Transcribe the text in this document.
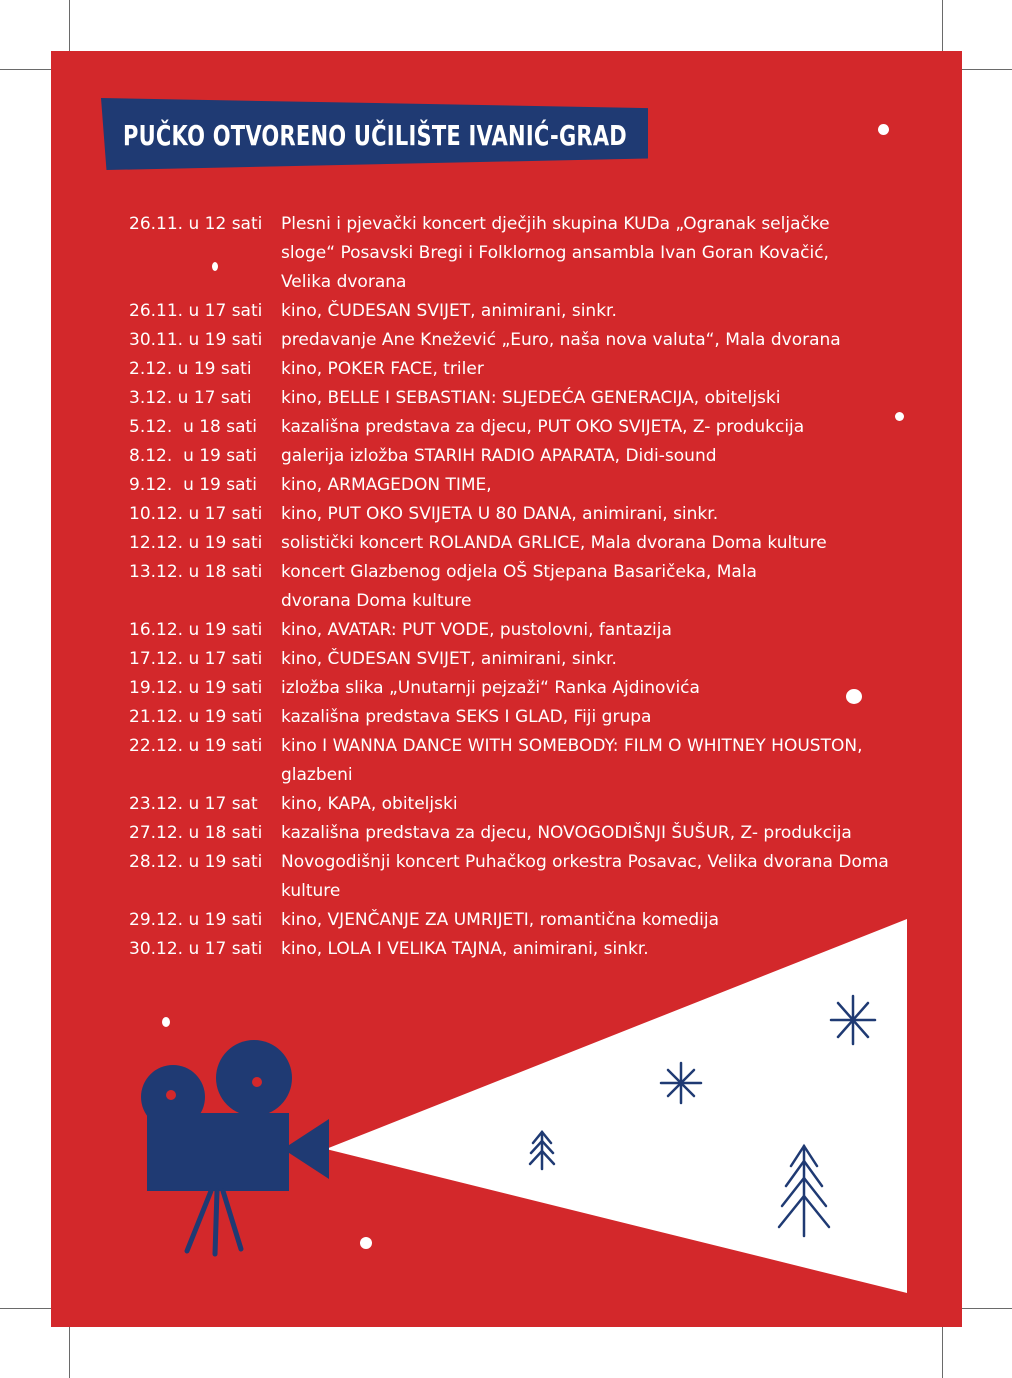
PUČKO OTVORENO UČILIŠTE IVANIĆ-GRAD
26.11. u 12 sati	Plesni i pjevački koncert dječjih skupina KUDa „Ogranak seljačke sloge“ Posavski Bregi i Folklornog ansambla Ivan Goran Kovačić, Velika dvorana
26.11. u 17 sati	kino, ČUDESAN SVIJET, animirani, sinkr.
30.11. u 19 sati	predavanje Ane Knežević „Euro, naša nova valuta“, Mala dvorana
2.12. u 19 sati	kino, POKER FACE, triler
3.12. u 17 sati	kino, BELLE I SEBASTIAN: SLJEDEĆA GENERACIJA, obiteljski
5.12.  u 18 sati	kazališna predstava za djecu, PUT OKO SVIJETA, Z- produkcija
8.12.  u 19 sati	galerija izložba STARIH RADIO APARATA, Didi-sound
9.12.  u 19 sati	kino, ARMAGEDON TIME,
10.12. u 17 sati	kino, PUT OKO SVIJETA U 80 DANA, animirani, sinkr.
12.12. u 19 sati	solistički koncert ROLANDA GRLICE, Mala dvorana Doma kulture
13.12. u 18 sati	koncert Glazbenog odjela OŠ Stjepana Basaričeka, Mala dvorana Doma kulture
16.12. u 19 sati	kino, AVATAR: PUT VODE, pustolovni, fantazija
17.12. u 17 sati	kino, ČUDESAN SVIJET, animirani, sinkr.
19.12. u 19 sati	izložba slika „Unutarnji pejzaži“ Ranka Ajdinovića
21.12. u 19 sati	kazališna predstava SEKS I GLAD, Fiji grupa
22.12. u 19 sati	kino I WANNA DANCE WITH SOMEBODY: FILM O WHITNEY HOUSTON, glazbeni
23.12. u 17 sat	kino, KAPA, obiteljski
27.12. u 18 sati	kazališna predstava za djecu, NOVOGODIŠNJI ŠUŠUR, Z- produkcija
28.12. u 19 sati	Novogodišnji koncert Puhačkog orkestra Posavac, Velika dvorana Doma kulture
29.12. u 19 sati	kino, VJENČANJE ZA UMRIJETI, romantična komedija
30.12. u 17 sati	kino, LOLA I VELIKA TAJNA, animirani, sinkr.
